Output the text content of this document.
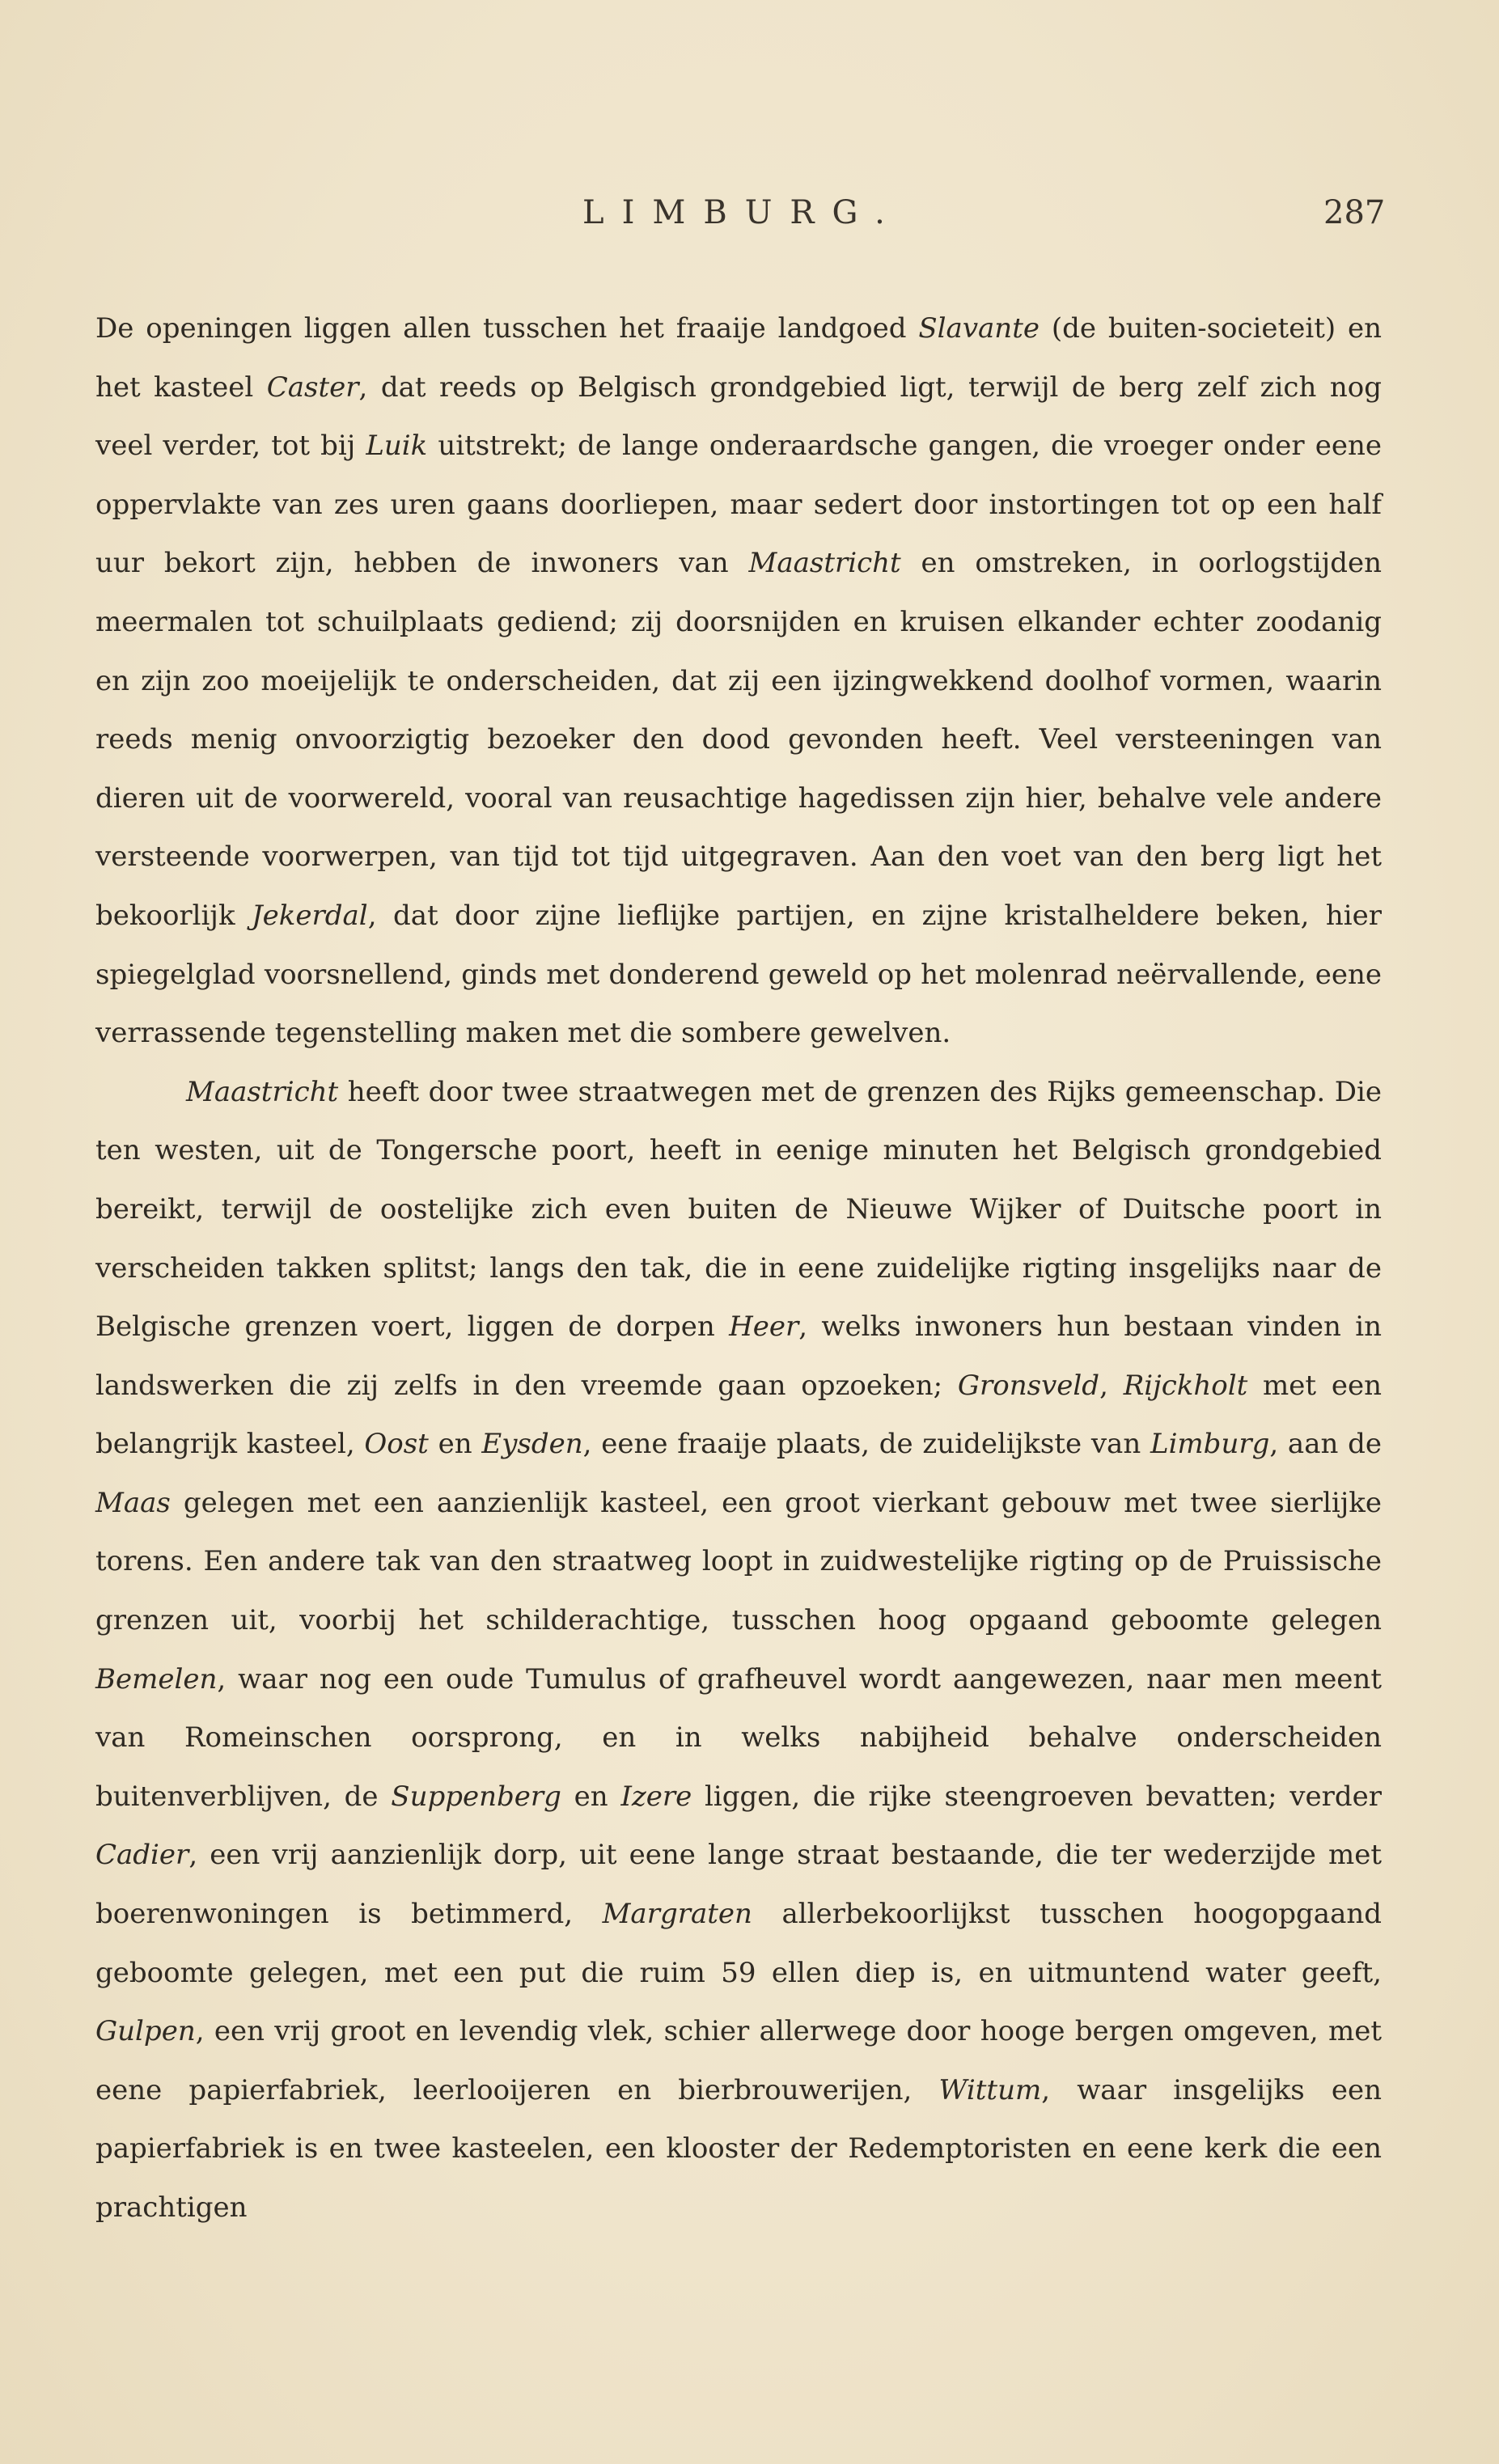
LIMBURG.	287

De openingen liggen allen tusschen het fraaije landgoed Slavante (de buiten-societeit) en het kasteel Caster, dat reeds op Belgisch grondgebied ligt, terwijl de berg zelf zich nog veel verder, tot bij Luik uitstrekt; de lange onderaardsche gangen, die vroeger onder eene oppervlakte van zes uren gaans doorliepen, maar sedert door instortingen tot op een half uur bekort zijn, hebben de inwoners van Maastricht en omstreken, in oorlogstijden meermalen tot schuilplaats gediend; zij doorsnijden en kruisen elkander echter zoodanig en zijn zoo moeijelijk te onderscheiden, dat zij een ijzingwekkend doolhof vormen, waarin reeds menig onvoorzigtig bezoeker den dood gevonden heeft. Veel versteeningen van dieren uit de voorwereld, vooral van reusachtige hagedissen zijn hier, behalve vele andere versteende voorwerpen, van tijd tot tijd uitgegraven. Aan den voet van den berg ligt het bekoorlijk Jekerdal, dat door zijne lieflijke partijen, en zijne kristalheldere beken, hier spiegelglad voorsnellend, ginds met donderend geweld op het molenrad neërvallende, eene verrassende tegenstelling maken met die sombere gewelven.

Maastricht heeft door twee straatwegen met de grenzen des Rijks gemeenschap. Die ten westen, uit de Tongersche poort, heeft in eenige minuten het Belgisch grondgebied bereikt, terwijl de oostelijke zich even buiten de Nieuwe Wijker of Duitsche poort in verscheiden takken splitst; langs den tak, die in eene zuidelijke rigting insgelijks naar de Belgische grenzen voert, liggen de dorpen Heer, welks inwoners hun bestaan vinden in landswerken die zij zelfs in den vreemde gaan opzoeken; Gronsveld, Rijckholt met een belangrijk kasteel, Oost en Eysden, eene fraaije plaats, de zuidelijkste van Limburg, aan de Maas gelegen met een aanzienlijk kasteel, een groot vierkant gebouw met twee sierlijke torens. Een andere tak van den straatweg loopt in zuidwestelijke rigting op de Pruissische grenzen uit, voorbij het schilderachtige, tusschen hoog opgaand geboomte gelegen Bemelen, waar nog een oude Tumulus of grafheuvel wordt aangewezen, naar men meent van Romeinschen oorsprong, en in welks nabijheid behalve onderscheiden buitenverblijven, de Suppenberg en Izere liggen, die rijke steengroeven bevatten; verder Cadier, een vrij aanzienlijk dorp, uit eene lange straat bestaande, die ter wederzijde met boerenwoningen is betimmerd, Margraten allerbekoorlijkst tusschen hoogopgaand geboomte gelegen, met een put die ruim 59 ellen diep is, en uitmuntend water geeft, Gulpen, een vrij groot en levendig vlek, schier allerwege door hooge bergen omgeven, met eene papierfabriek, leerlooijeren en bierbrouwerijen, Wittum, waar insgelijks een papierfabriek is en twee kasteelen, een klooster der Redemptoristen en eene kerk die een prachtigen
